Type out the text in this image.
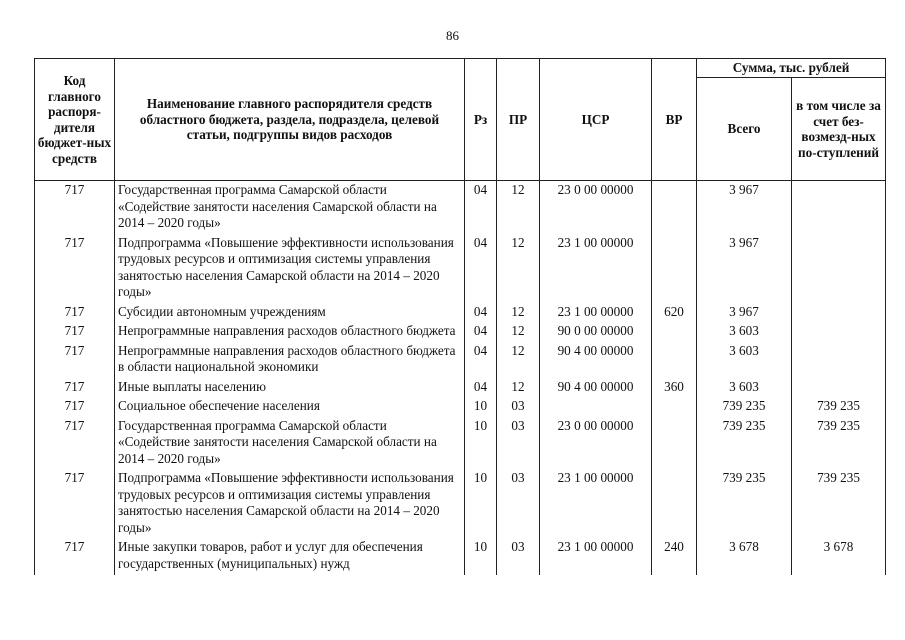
86
Код главного распоря-дителя бюджет-ных средств	Наименование главного распорядителя средств областного бюджета, раздела, подраздела, целевой статьи, подгруппы видов расходов	Рз	ПР	ЦСР	ВР	Сумма, тыс. рублей	
						Всего	в том числе за счет без-возмезд-ных по-ступлений
717	Государственная программа Самарской области «Содействие занятости населения Самарской области на 2014 – 2020 годы»	04	12	23 0 00 00000		3 967	
717	Подпрограмма «Повышение эффективности использования трудовых ресурсов и оптимизация системы управления занятостью населения Самарской области на 2014 – 2020 годы»	04	12	23 1 00 00000		3 967	
717	Субсидии автономным учреждениям	04	12	23 1 00 00000	620	3 967	
717	Непрограммные направления расходов областного бюджета	04	12	90 0 00 00000		3 603	
717	Непрограммные направления расходов областного бюджета в области национальной экономики	04	12	90 4 00 00000		3 603	
717	Иные выплаты населению	04	12	90 4 00 00000	360	3 603	
717	Социальное обеспечение населения	10	03			739 235	739 235
717	Государственная программа Самарской области «Содействие занятости населения Самарской области на 2014 – 2020 годы»	10	03	23 0 00 00000		739 235	739 235
717	Подпрограмма «Повышение эффективности использования трудовых ресурсов и оптимизация системы управления занятостью населения Самарской области на 2014 – 2020 годы»	10	03	23 1 00 00000		739 235	739 235
717	Иные закупки товаров, работ и услуг для обеспечения государственных (муниципальных) нужд	10	03	23 1 00 00000	240	3 678	3 678
